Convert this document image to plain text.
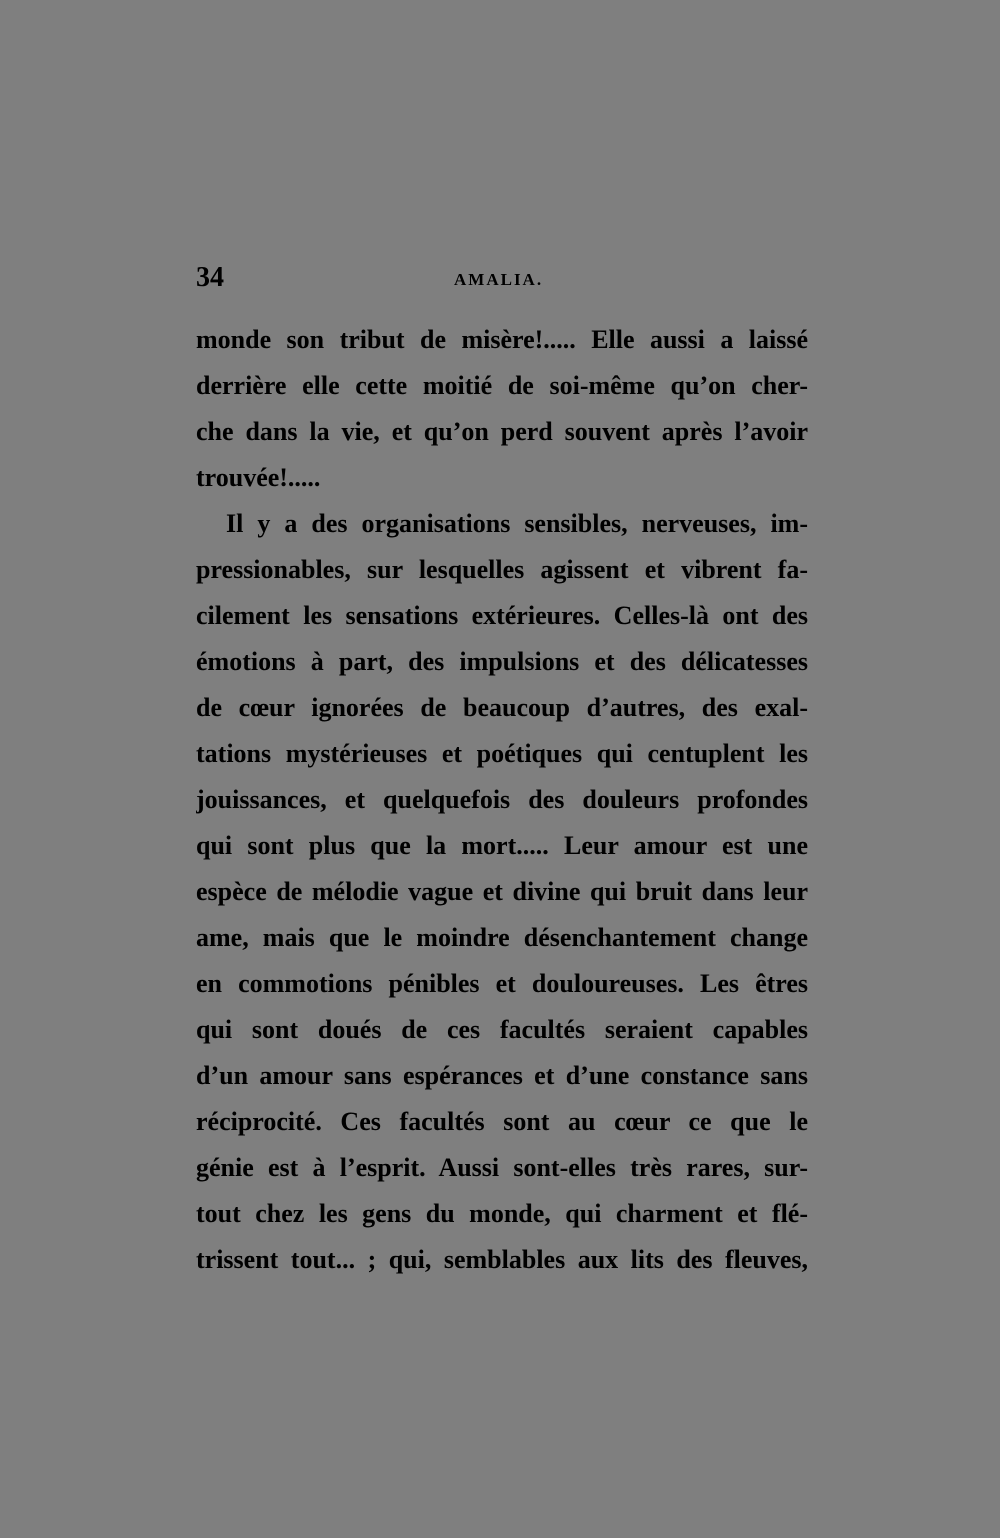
34	AMALIA.
monde son tribut de misère!..... Elle aussi a laissé
derrière elle cette moitié de soi-même qu’on cher-
che dans la vie, et qu’on perd souvent après l’avoir
trouvée!.....
Il y a des organisations sensibles, nerveuses, im-
pressionables, sur lesquelles agissent et vibrent fa-
cilement les sensations extérieures. Celles-là ont des
émotions à part, des impulsions et des délicatesses
de cœur ignorées de beaucoup d’autres, des exal-
tations mystérieuses et poétiques qui centuplent les
jouissances, et quelquefois des douleurs profondes
qui sont plus que la mort..... Leur amour est une
espèce de mélodie vague et divine qui bruit dans leur
ame, mais que le moindre désenchantement change
en commotions pénibles et douloureuses. Les êtres
qui sont doués de ces facultés seraient capables
d’un amour sans espérances et d’une constance sans
réciprocité. Ces facultés sont au cœur ce que le
génie est à l’esprit. Aussi sont-elles très rares, sur-
tout chez les gens du monde, qui charment et flé-
trissent tout... ; qui, semblables aux lits des fleuves,
